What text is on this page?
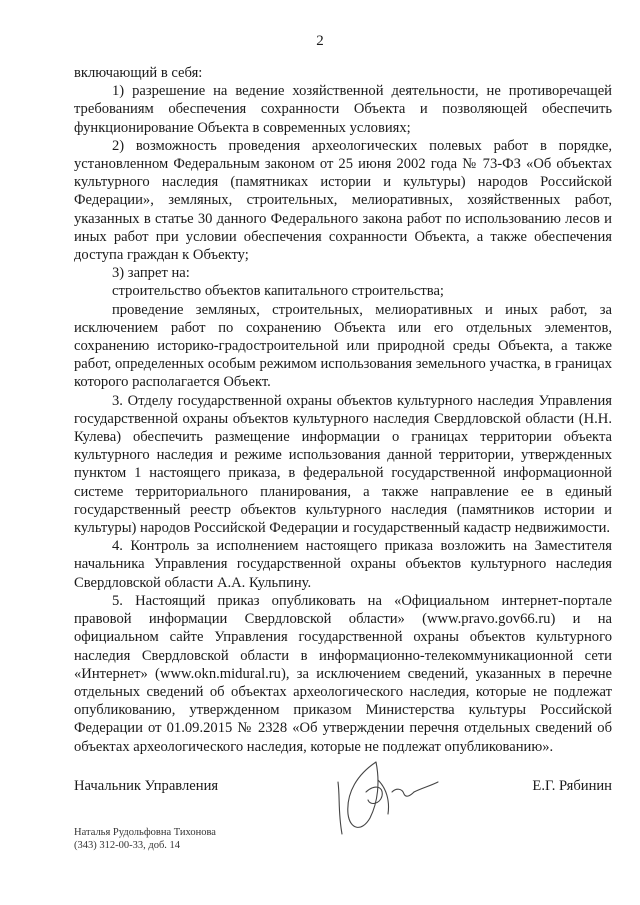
2

включающий в себя:

1) разрешение на ведение хозяйственной деятельности, не противоречащей требованиям обеспечения сохранности Объекта и позволяющей обеспечить функционирование Объекта в современных условиях;

2) возможность проведения археологических полевых работ в порядке, установленном Федеральным законом от 25 июня 2002 года № 73-ФЗ «Об объектах культурного наследия (памятниках истории и культуры) народов Российской Федерации», земляных, строительных, мелиоративных, хозяйственных работ, указанных в статье 30 данного Федерального закона работ по использованию лесов и иных работ при условии обеспечения сохранности Объекта, а также обеспечения доступа граждан к Объекту;

3) запрет на:

строительство объектов капитального строительства;

проведение земляных, строительных, мелиоративных и иных работ, за исключением работ по сохранению Объекта или его отдельных элементов, сохранению историко-градостроительной или природной среды Объекта, а также работ, определенных особым режимом использования земельного участка, в границах которого располагается Объект.

3. Отделу государственной охраны объектов культурного наследия Управления государственной охраны объектов культурного наследия Свердловской области (Н.Н. Кулева) обеспечить размещение информации о границах территории объекта культурного наследия и режиме использования данной территории, утвержденных пунктом 1 настоящего приказа, в федеральной государственной информационной системе территориального планирования, а также направление ее в единый государственный реестр объектов культурного наследия (памятников истории и культуры) народов Российской Федерации и государственный кадастр недвижимости.

4. Контроль за исполнением настоящего приказа возложить на Заместителя начальника Управления государственной охраны объектов культурного наследия Свердловской области А.А. Кульпину.

5. Настоящий приказ опубликовать на «Официальном интернет-портале правовой информации Свердловской области» (www.pravo.gov66.ru) и на официальном сайте Управления государственной охраны объектов культурного наследия Свердловской области в информационно-телекоммуникационной сети «Интернет» (www.okn.midural.ru), за исключением сведений, указанных в перечне отдельных сведений об объектах археологического наследия, которые не подлежат опубликованию, утвержденном приказом Министерства культуры Российской Федерации от 01.09.2015 № 2328 «Об утверждении перечня отдельных сведений об объектах археологического наследия, которые не подлежат опубликованию».

Начальник Управления	Е.Г. Рябинин
Наталья Рудольфовна Тихонова
(343) 312-00-33, доб. 14
